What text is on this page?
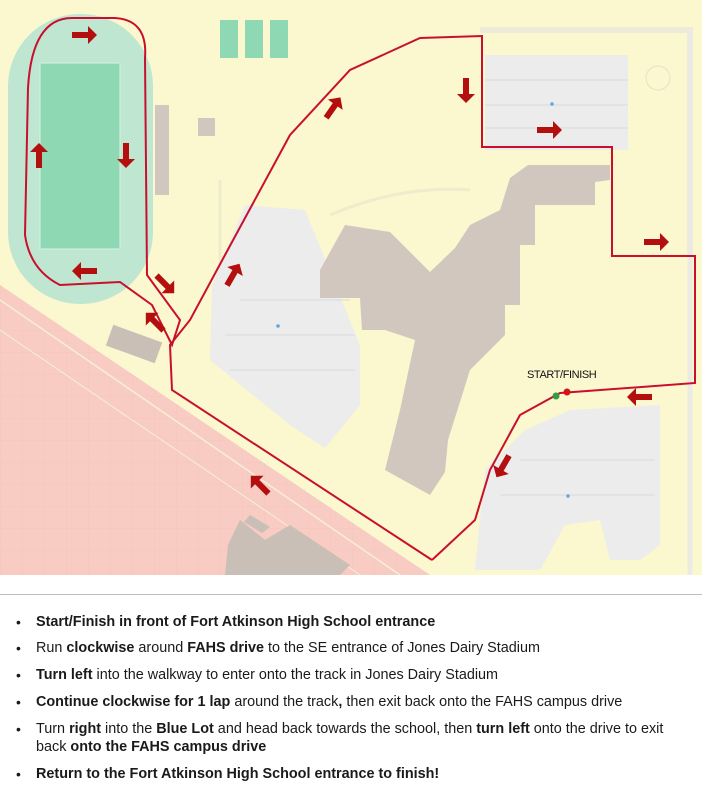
START/FINISH
• Start/Finish in front of Fort Atkinson High School entrance
• Run clockwise around FAHS drive to the SE entrance of Jones Dairy Stadium
• Turn left into the walkway to enter onto the track in Jones Dairy Stadium
• Continue clockwise for 1 lap around the track, then exit back onto the FAHS campus drive
• Turn right into the Blue Lot and head back towards the school, then turn left onto the drive to exit back onto the FAHS campus drive
• Return to the Fort Atkinson High School entrance to finish!
